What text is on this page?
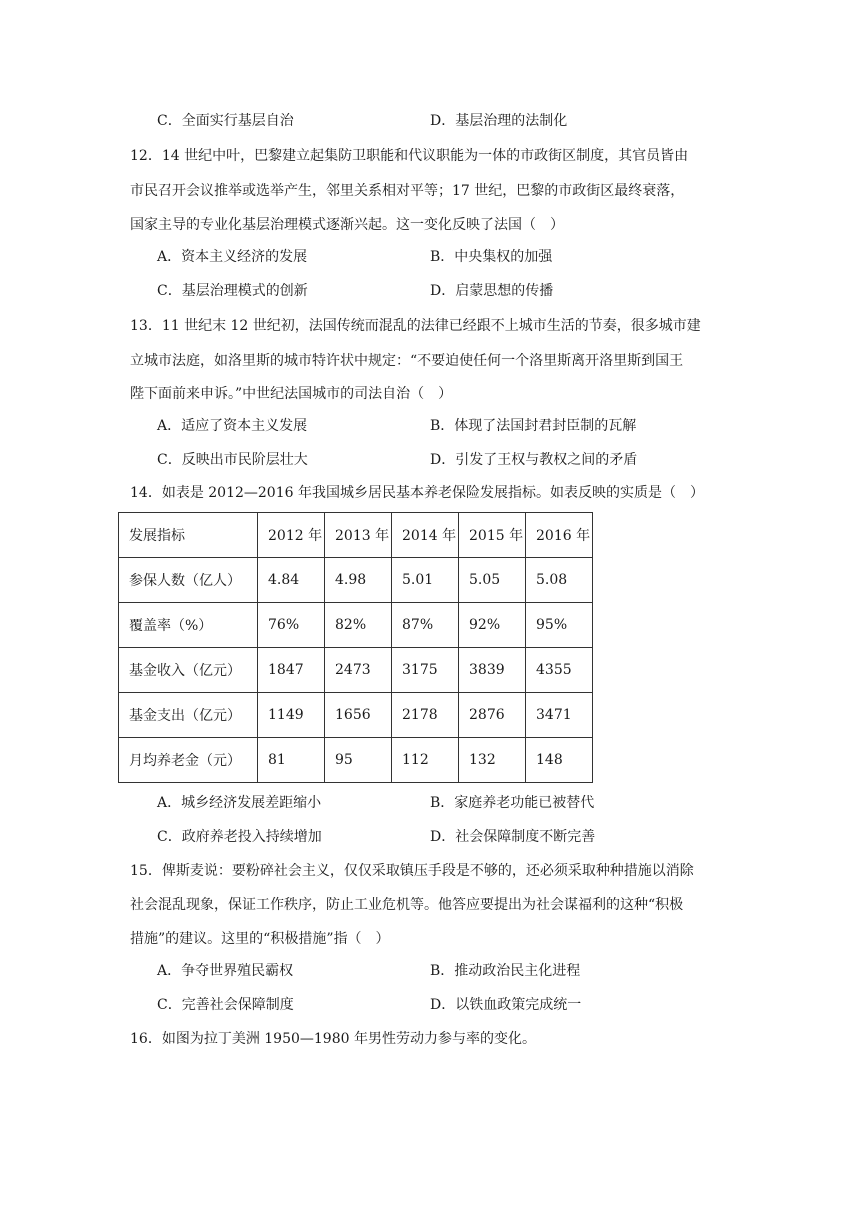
C．全面实行基层自治	D．基层治理的法制化
12．14 世纪中叶，巴黎建立起集防卫职能和代议职能为一体的市政街区制度，其官员皆由
市民召开会议推举或选举产生，邻里关系相对平等；17 世纪，巴黎的市政街区最终衰落，
国家主导的专业化基层治理模式逐渐兴起。这一变化反映了法国（　）
A．资本主义经济的发展	B．中央集权的加强
C．基层治理模式的创新	D．启蒙思想的传播
13．11 世纪末 12 世纪初，法国传统而混乱的法律已经跟不上城市生活的节奏，很多城市建
立城市法庭，如洛里斯的城市特许状中规定：“不要迫使任何一个洛里斯离开洛里斯到国王
陛下面前来申诉。”中世纪法国城市的司法自治（　）
A．适应了资本主义发展	B．体现了法国封君封臣制的瓦解
C．反映出市民阶层壮大	D．引发了王权与教权之间的矛盾
14．如表是 2012—2016 年我国城乡居民基本养老保险发展指标。如表反映的实质是（　）
发展指标	2012 年	2013 年	2014 年	2015 年	2016 年
参保人数（亿人）	4.84	4.98	5.01	5.05	5.08
覆盖率（%）	76%	82%	87%	92%	95%
基金收入（亿元）	1847	2473	3175	3839	4355
基金支出（亿元）	1149	1656	2178	2876	3471
月均养老金（元）	81	95	112	132	148
A．城乡经济发展差距缩小	B．家庭养老功能已被替代
C．政府养老投入持续增加	D．社会保障制度不断完善
15．俾斯麦说：要粉碎社会主义，仅仅采取镇压手段是不够的，还必须采取种种措施以消除
社会混乱现象，保证工作秩序，防止工业危机等。他答应要提出为社会谋福利的这种“积极
措施”的建议。这里的“积极措施”指（　）
A．争夺世界殖民霸权	B．推动政治民主化进程
C．完善社会保障制度	D．以铁血政策完成统一
16．如图为拉丁美洲 1950—1980 年男性劳动力参与率的变化。
